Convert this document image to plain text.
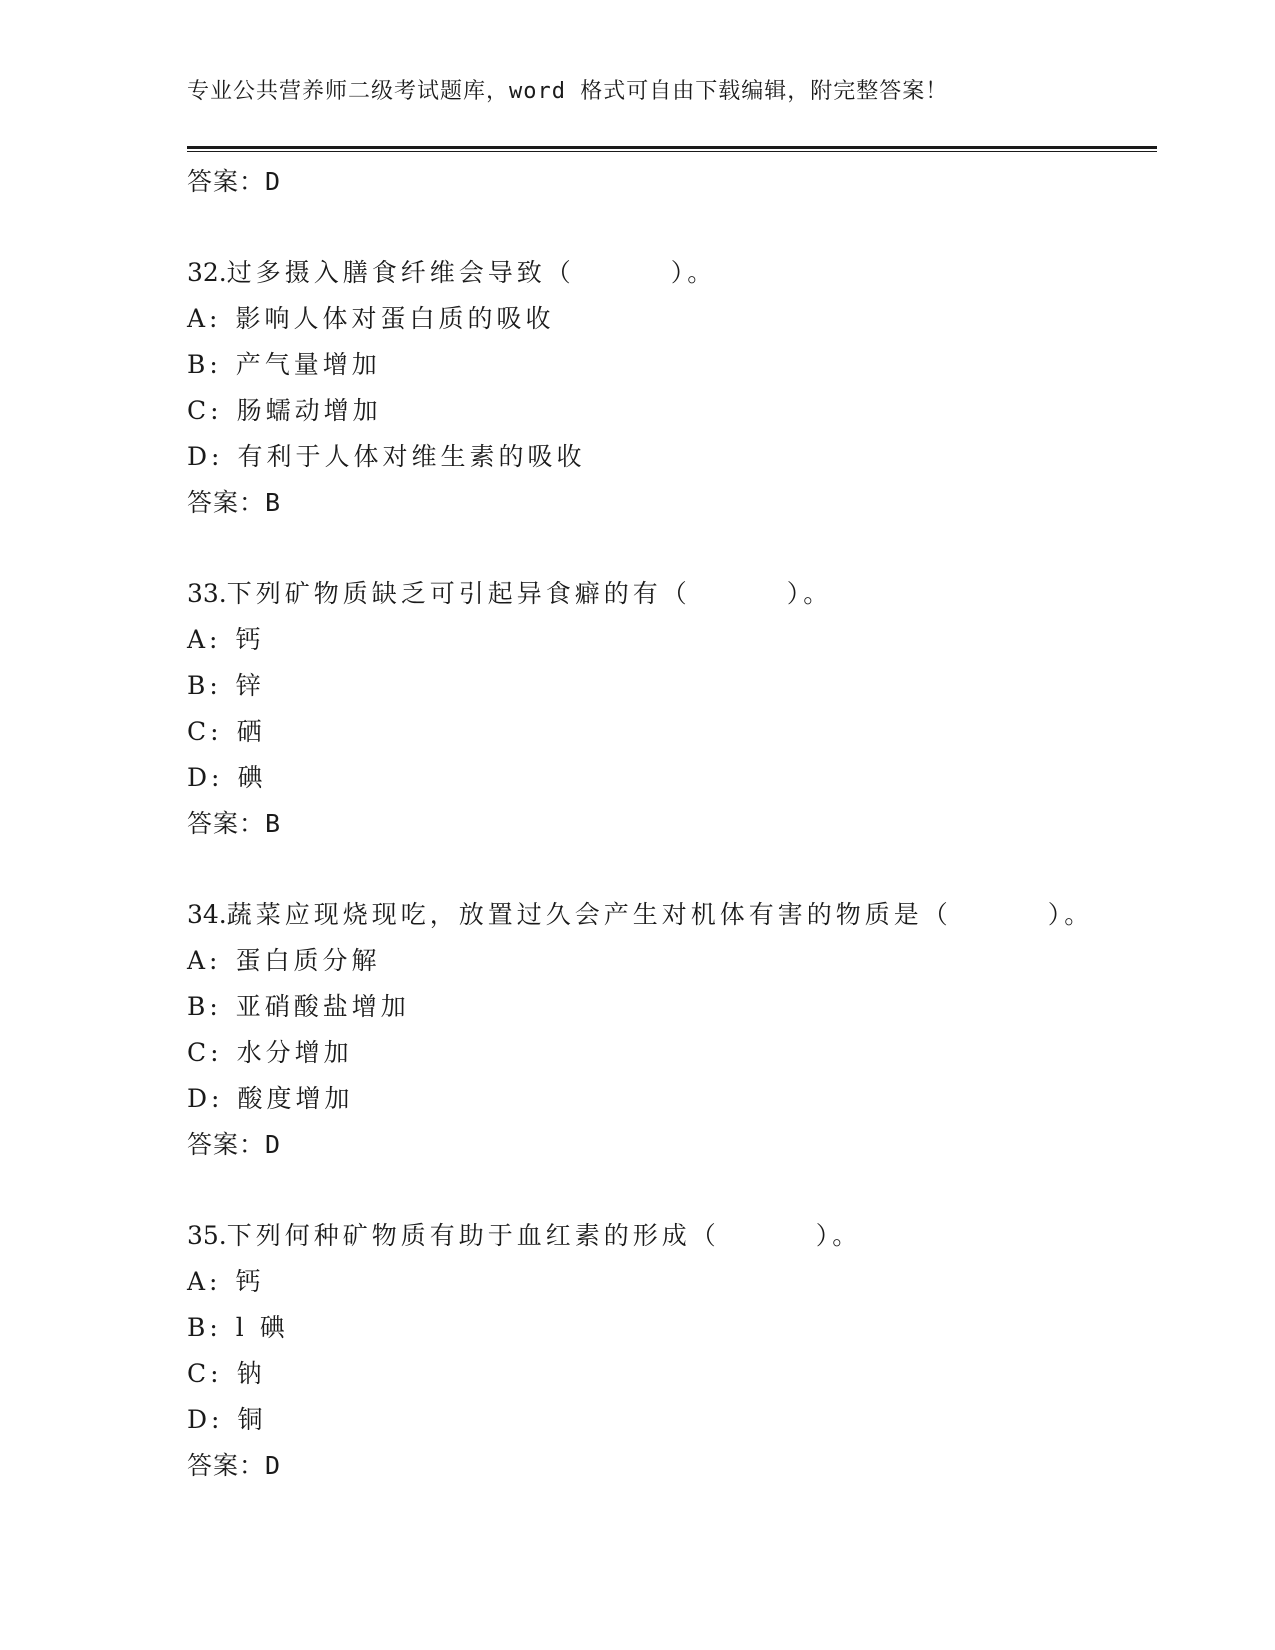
专业公共营养师二级考试题库，word 格式可自由下载编辑，附完整答案！
答案：D
32.过多摄入膳食纤维会导致（	）。
A: 影响人体对蛋白质的吸收
B: 产气量增加
C: 肠蠕动增加
D: 有利于人体对维生素的吸收
答案：B
33.下列矿物质缺乏可引起异食癖的有（	）。
A: 钙
B: 锌
C: 硒
D: 碘
答案：B
34.蔬菜应现烧现吃，放置过久会产生对机体有害的物质是（	）。
A: 蛋白质分解
B: 亚硝酸盐增加
C: 水分增加
D: 酸度增加
答案：D
35.下列何种矿物质有助于血红素的形成（	）。
A: 钙
B: l 碘
C: 钠
D: 铜
答案：D
